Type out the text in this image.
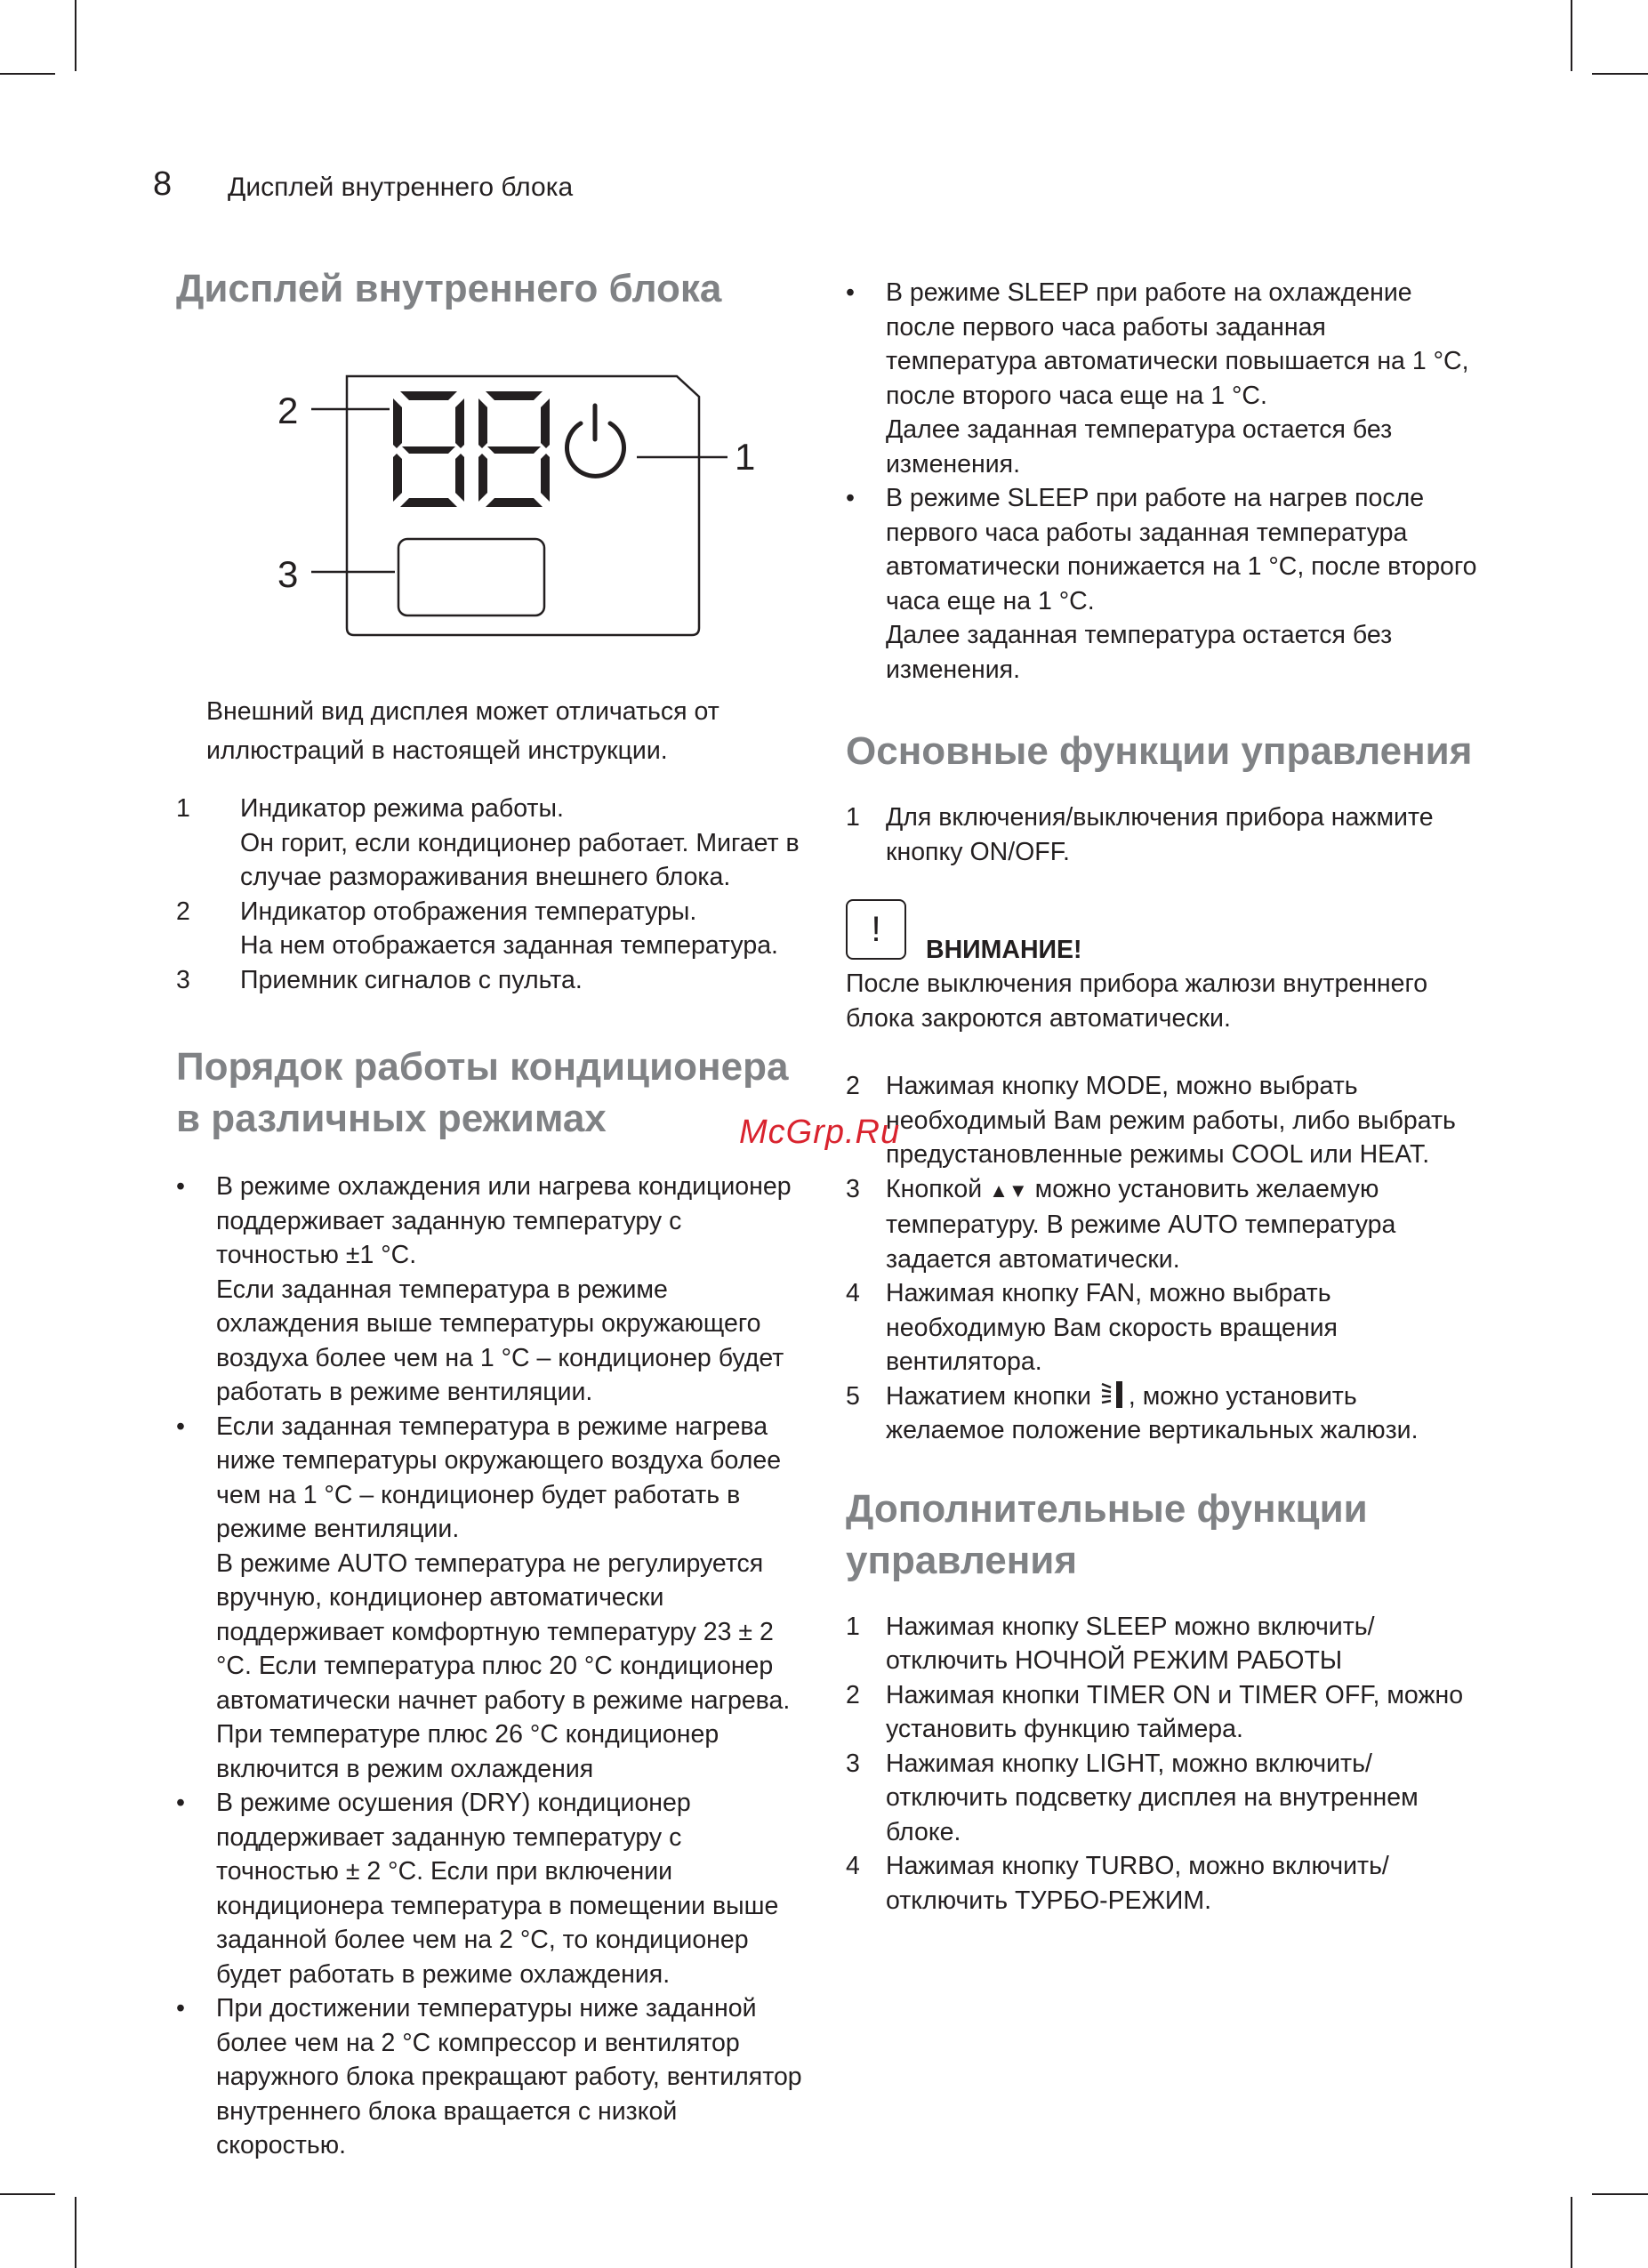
8 Дисплей внутреннего блока
Дисплей внутреннего блока
2
3
1

Внешний вид дисплея может отличаться от иллюстраций в настоящей инструкции.

1 Индикатор режима работы.
Он горит, если кондиционер работает. Мигает в случае размораживания внешнего блока.
2 Индикатор отображения температуры.
На нем отображается заданная температура.
3 Приемник сигналов с пульта.
Порядок работы кондиционера в различных режимах
• В режиме охлаждения или нагрева кондиционер поддерживает заданную температуру с точностью ±1 °C.
Если заданная температура в режиме охлаждения выше температуры окружающего воздуха более чем на 1 °C – кондиционер будет работать в режиме вентиляции.
• Если заданная температура в режиме нагрева ниже температуры окружающего воздуха более чем на 1 °C – кондиционер будет работать в режиме вентиляции.
В режиме AUTO температура не регулируется вручную, кондиционер автоматически поддерживает комфортную температуру 23 ± 2 °C. Если температура плюс 20 °C кондиционер автоматически начнет работу в режиме нагрева. При температуре плюс 26 °C кондиционер включится в режим охлаждения
• В режиме осушения (DRY) кондиционер поддерживает заданную температуру с точностью ± 2 °C. Если при включении кондиционера температура в помещении выше заданной более чем на 2 °C, то кондиционер будет работать в режиме охлаждения.
• При достижении температуры ниже заданной более чем на 2 °C компрессор и вентилятор наружного блока прекращают работу, вентилятор внутреннего блока вращается с низкой скоростью.
• В режиме SLEEP при работе на охлаждение после первого часа работы заданная температура автоматически повышается на 1 °C, после второго часа еще на 1 °C.
Далее заданная температура остается без изменения.
• В режиме SLEEP при работе на нагрев после первого часа работы заданная температура автоматически понижается на 1 °C, после второго часа еще на 1 °C.
Далее заданная температура остается без изменения.
Основные функции управления
1 Для включения/выключения прибора нажмите кнопку ON/OFF.
!
ВНИМАНИЕ!

После выключения прибора жалюзи внутреннего блока закроются автоматически.

2 Нажимая кнопку MODE, можно выбрать необходимый Вам режим работы, либо выбрать предустановленные режимы COOL или HEAT.
3 Кнопкой ▲▼ можно установить желаемую температуру. В режиме AUTO температура задается автоматически.
4 Нажимая кнопку FAN, можно выбрать необходимую Вам скорость вращения вентилятора.
5 Нажатием кнопки , можно установить желаемое положение вертикальных жалюзи.
Дополнительные функции управления
1 Нажимая кнопку SLEEP можно включить/отключить НОЧНОЙ РЕЖИМ РАБОТЫ
2 Нажимая кнопки TIMER ON и TIMER OFF, можно установить функцию таймера.
3 Нажимая кнопку LIGHT, можно включить/отключить подсветку дисплея на внутреннем блоке.
4 Нажимая кнопку TURBO, можно включить/отключить ТУРБО-РЕЖИМ.
McGrp.Ru
